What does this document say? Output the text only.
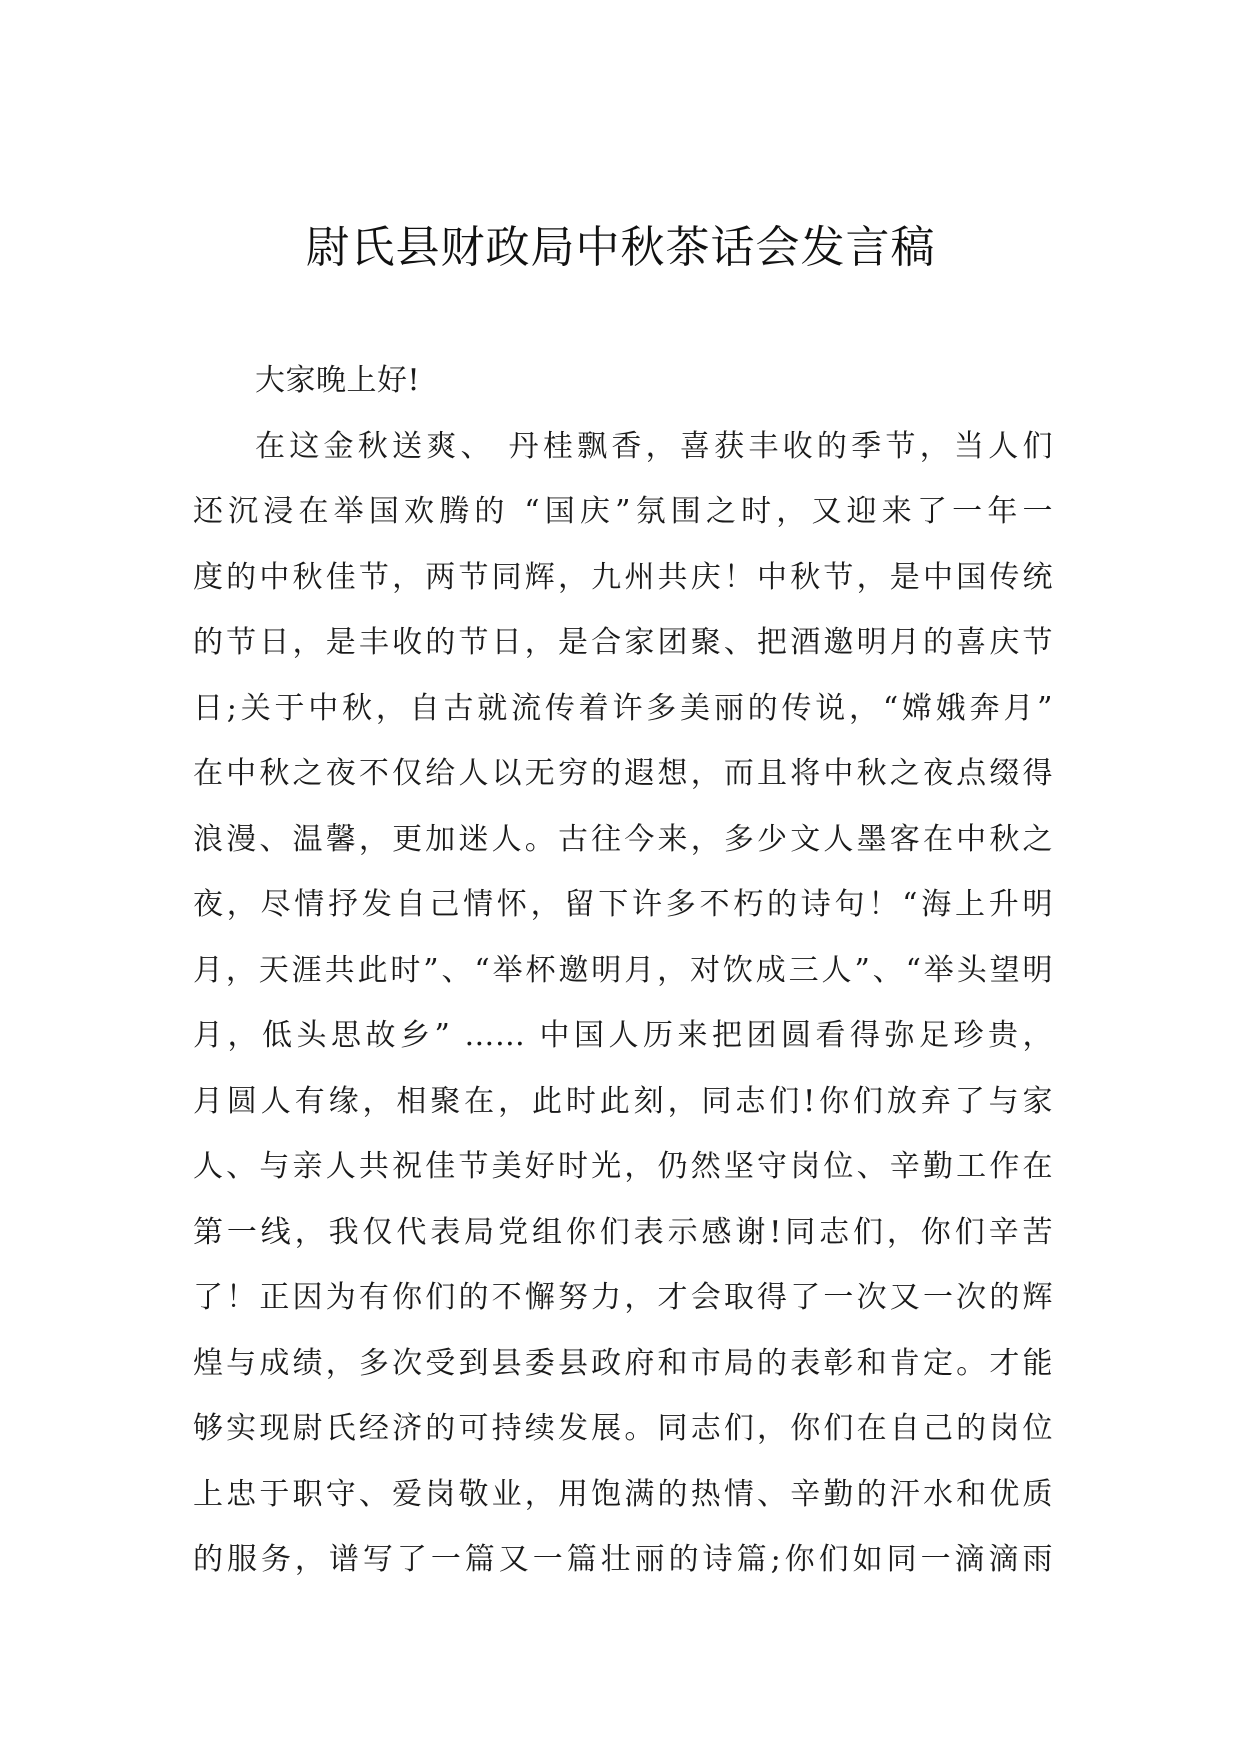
尉氏县财政局中秋茶话会发言稿
大家晚上好!
在这金秋送爽、 丹桂飘香，喜获丰收的季节，当人们
还沉浸在举国欢腾的 “国庆”氛围之时，又迎来了一年一
度的中秋佳节，两节同辉，九州共庆！中秋节，是中国传统
的节日，是丰收的节日，是合家团聚、把酒邀明月的喜庆节
日;关于中秋，自古就流传着许多美丽的传说，“嫦娥奔月”
在中秋之夜不仅给人以无穷的遐想，而且将中秋之夜点缀得
浪漫、温馨，更加迷人。古往今来，多少文人墨客在中秋之
夜，尽情抒发自己情怀，留下许多不朽的诗句！“海上升明
月，天涯共此时”、“举杯邀明月，对饮成三人”、“举头望明
月，低头思故乡” …… 中国人历来把团圆看得弥足珍贵，
月圆人有缘，相聚在，此时此刻，同志们!你们放弃了与家
人、与亲人共祝佳节美好时光，仍然坚守岗位、辛勤工作在
第一线，我仅代表局党组你们表示感谢!同志们，你们辛苦
了！正因为有你们的不懈努力，才会取得了一次又一次的辉
煌与成绩，多次受到县委县政府和市局的表彰和肯定。才能
够实现尉氏经济的可持续发展。同志们，你们在自己的岗位
上忠于职守、爱岗敬业，用饱满的热情、辛勤的汗水和优质
的服务，谱写了一篇又一篇壮丽的诗篇;你们如同一滴滴雨
